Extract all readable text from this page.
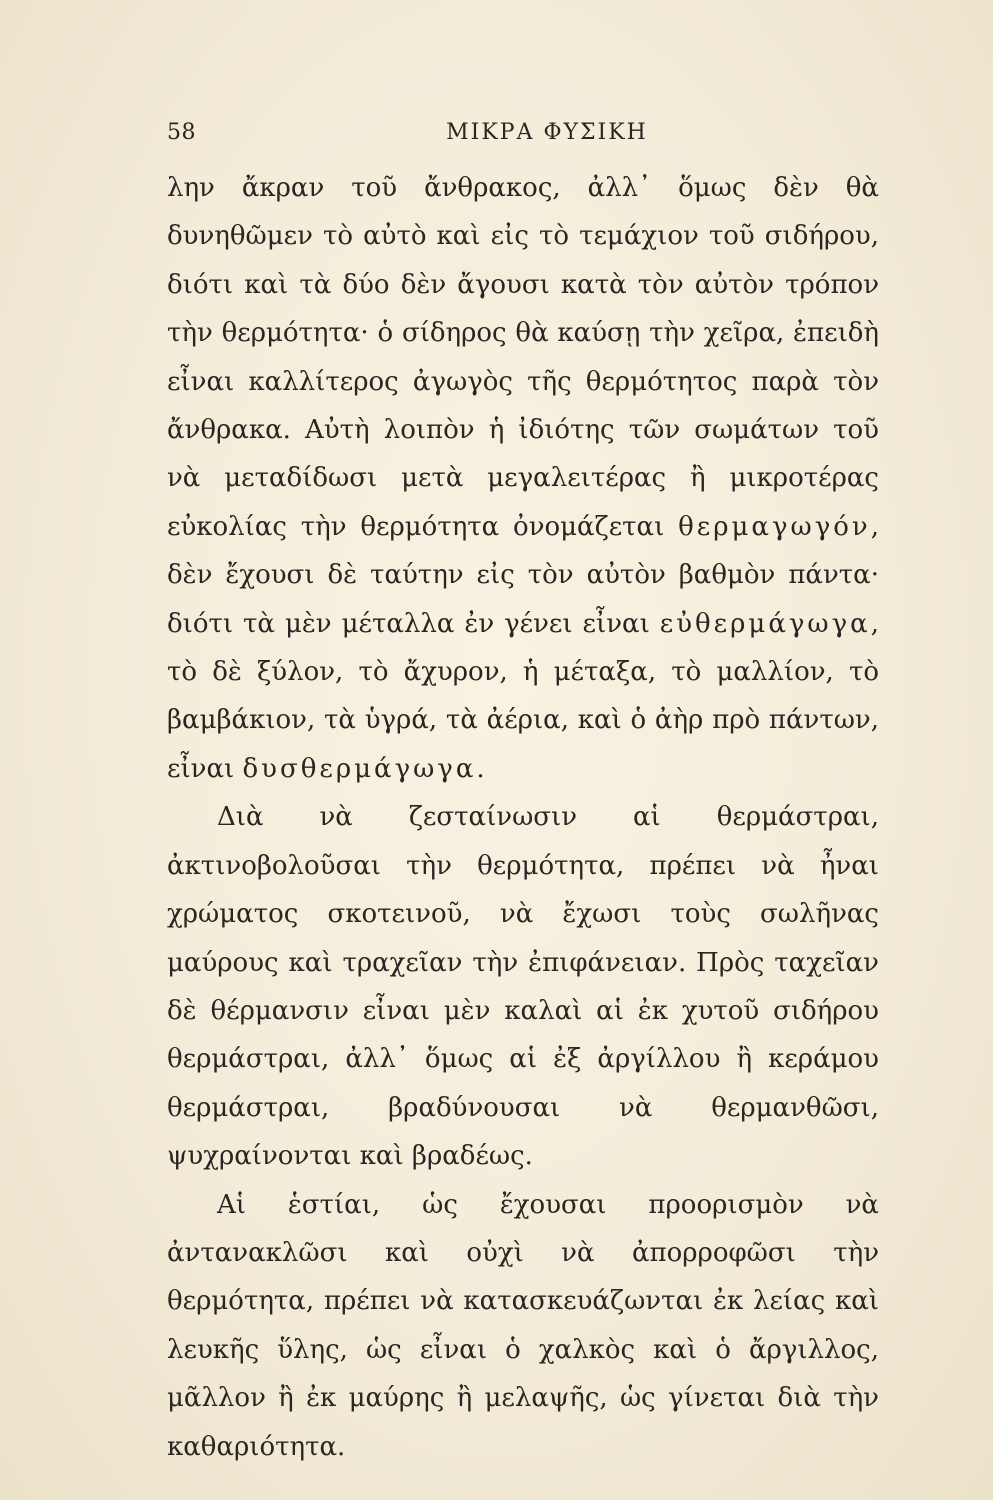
58	ΜΙΚΡΑ ΦΥΣΙΚΗ

λην ἄκραν τοῦ ἄνθρακος, ἀλλ᾽ ὅμως δὲν θὰ δυνηθῶμεν τὸ αὐτὸ καὶ εἰς τὸ τεμάχιον τοῦ σιδήρου, διότι καὶ τὰ δύο δὲν ἄγουσι κατὰ τὸν αὐτὸν τρόπον τὴν θερμότητα· ὁ σίδηρος θὰ καύσῃ τὴν χεῖρα, ἐπειδὴ εἶναι καλλίτερος ἀγωγὸς τῆς θερμότητος παρὰ τὸν ἄνθρακα. Αὐτὴ λοιπὸν ἡ ἰδιότης τῶν σωμάτων τοῦ νὰ μεταδίδωσι μετὰ μεγαλειτέρας ἢ μικροτέρας εὐκολίας τὴν θερμότητα ὀνομάζεται θερμαγωγόν, δὲν ἔχουσι δὲ ταύτην εἰς τὸν αὐτὸν βαθμὸν πάντα· διότι τὰ μὲν μέταλλα ἐν γένει εἶναι εὐθερμάγωγα, τὸ δὲ ξύλον, τὸ ἄχυρον, ἡ μέταξα, τὸ μαλλίον, τὸ βαμβάκιον, τὰ ὑγρά, τὰ ἀέρια, καὶ ὁ ἀὴρ πρὸ πάντων, εἶναι δυσθερμάγωγα.

Διὰ νὰ ζεσταίνωσιν αἱ θερμάστραι, ἀκτινοβολοῦσαι τὴν θερμότητα, πρέπει νὰ ἦναι χρώματος σκοτεινοῦ, νὰ ἔχωσι τοὺς σωλῆνας μαύρους καὶ τραχεῖαν τὴν ἐπιφάνειαν. Πρὸς ταχεῖαν δὲ θέρμανσιν εἶναι μὲν καλαὶ αἱ ἐκ χυτοῦ σιδήρου θερμάστραι, ἀλλ᾽ ὅμως αἱ ἐξ ἀργίλλου ἢ κεράμου θερμάστραι, βραδύνουσαι νὰ θερμανθῶσι, ψυχραίνονται καὶ βραδέως.

Αἱ ἑστίαι, ὡς ἔχουσαι προορισμὸν νὰ ἀντανακλῶσι καὶ οὐχὶ νὰ ἀπορροφῶσι τὴν θερμότητα, πρέπει νὰ κατασκευάζωνται ἐκ λείας καὶ λευκῆς ὕλης, ὡς εἶναι ὁ χαλκὸς καὶ ὁ ἄργιλλος, μᾶλλον ἢ ἐκ μαύρης ἢ μελαψῆς, ὡς γίνεται διὰ τὴν καθαριότητα.
